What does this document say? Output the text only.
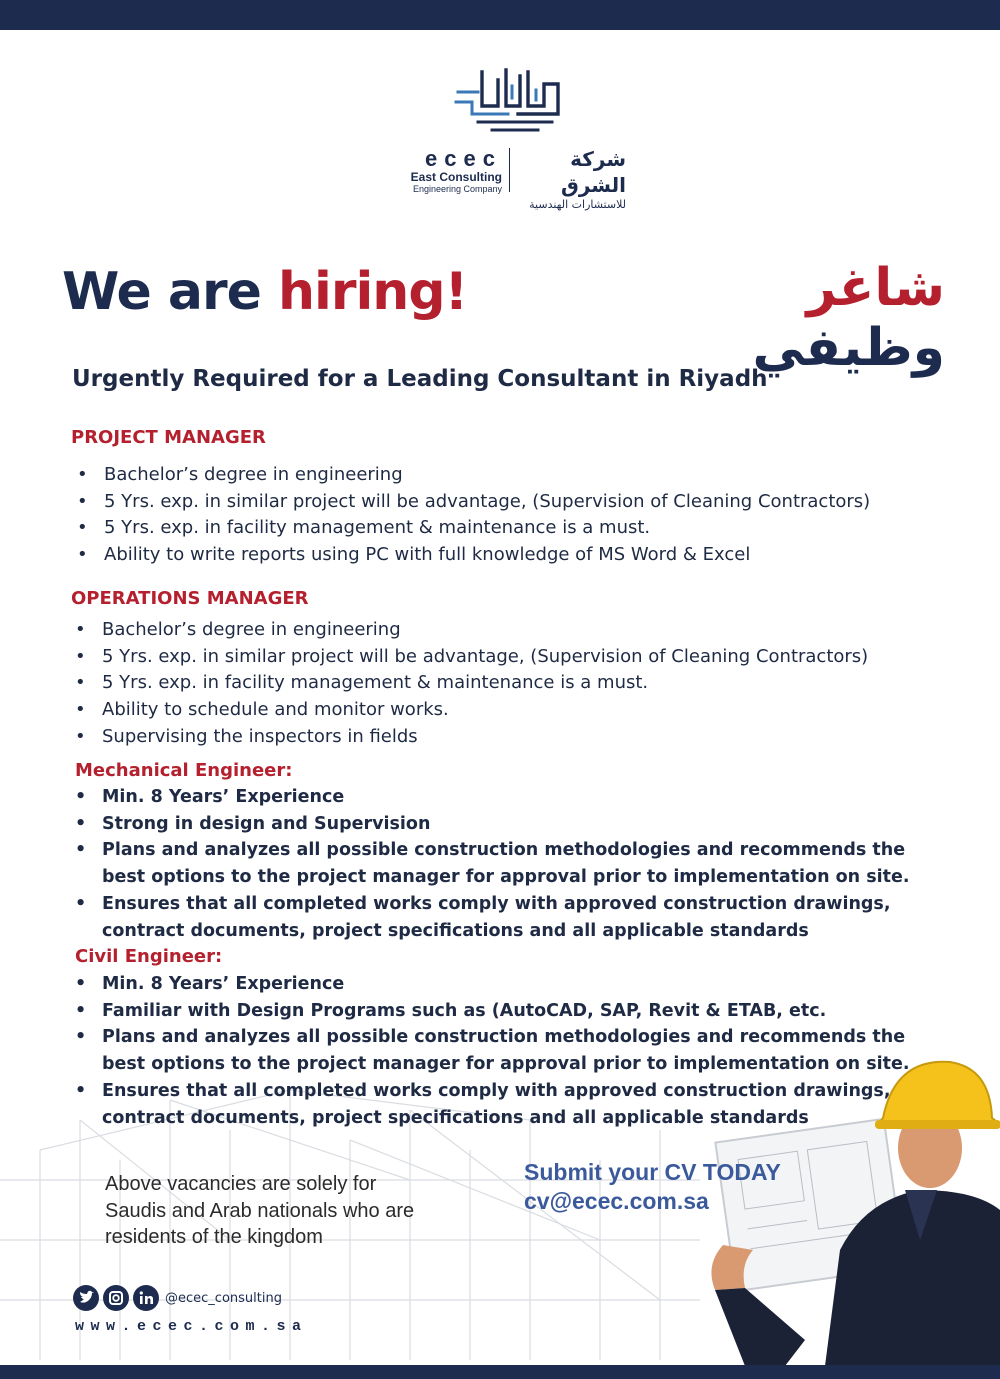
ecec
East Consulting
Engineering Company
شركة الشرق
للاستشارات الهندسية
We are hiring!	شاغر وظيفي
Urgently Required for a Leading Consultant in Riyadh
PROJECT MANAGER
• Bachelor’s degree in engineering
• 5 Yrs. exp. in similar project will be advantage, (Supervision of Cleaning Contractors)
• 5 Yrs. exp. in facility management & maintenance is a must.
• Ability to write reports using PC with full knowledge of MS Word & Excel
OPERATIONS MANAGER
• Bachelor’s degree in engineering
• 5 Yrs. exp. in similar project will be advantage, (Supervision of Cleaning Contractors)
• 5 Yrs. exp. in facility management & maintenance is a must.
• Ability to schedule and monitor works.
• Supervising the inspectors in fields
Mechanical Engineer:
• Min. 8 Years’ Experience
• Strong in design and Supervision
• Plans and analyzes all possible construction methodologies and recommends the best options to the project manager for approval prior to implementation on site.
• Ensures that all completed works comply with approved construction drawings, contract documents, project specifications and all applicable standards
Civil Engineer:
• Min. 8 Years’ Experience
• Familiar with Design Programs such as (AutoCAD, SAP, Revit & ETAB, etc.
• Plans and analyzes all possible construction methodologies and recommends the best options to the project manager for approval prior to implementation on site.
• Ensures that all completed works comply with approved construction drawings, contract documents, project specifications and all applicable standards
Above vacancies are solely for Saudis and Arab nationals who are residents of the kingdom
Submit your CV TODAY
cv@ecec.com.sa
@ecec_consulting
www.ecec.com.sa
